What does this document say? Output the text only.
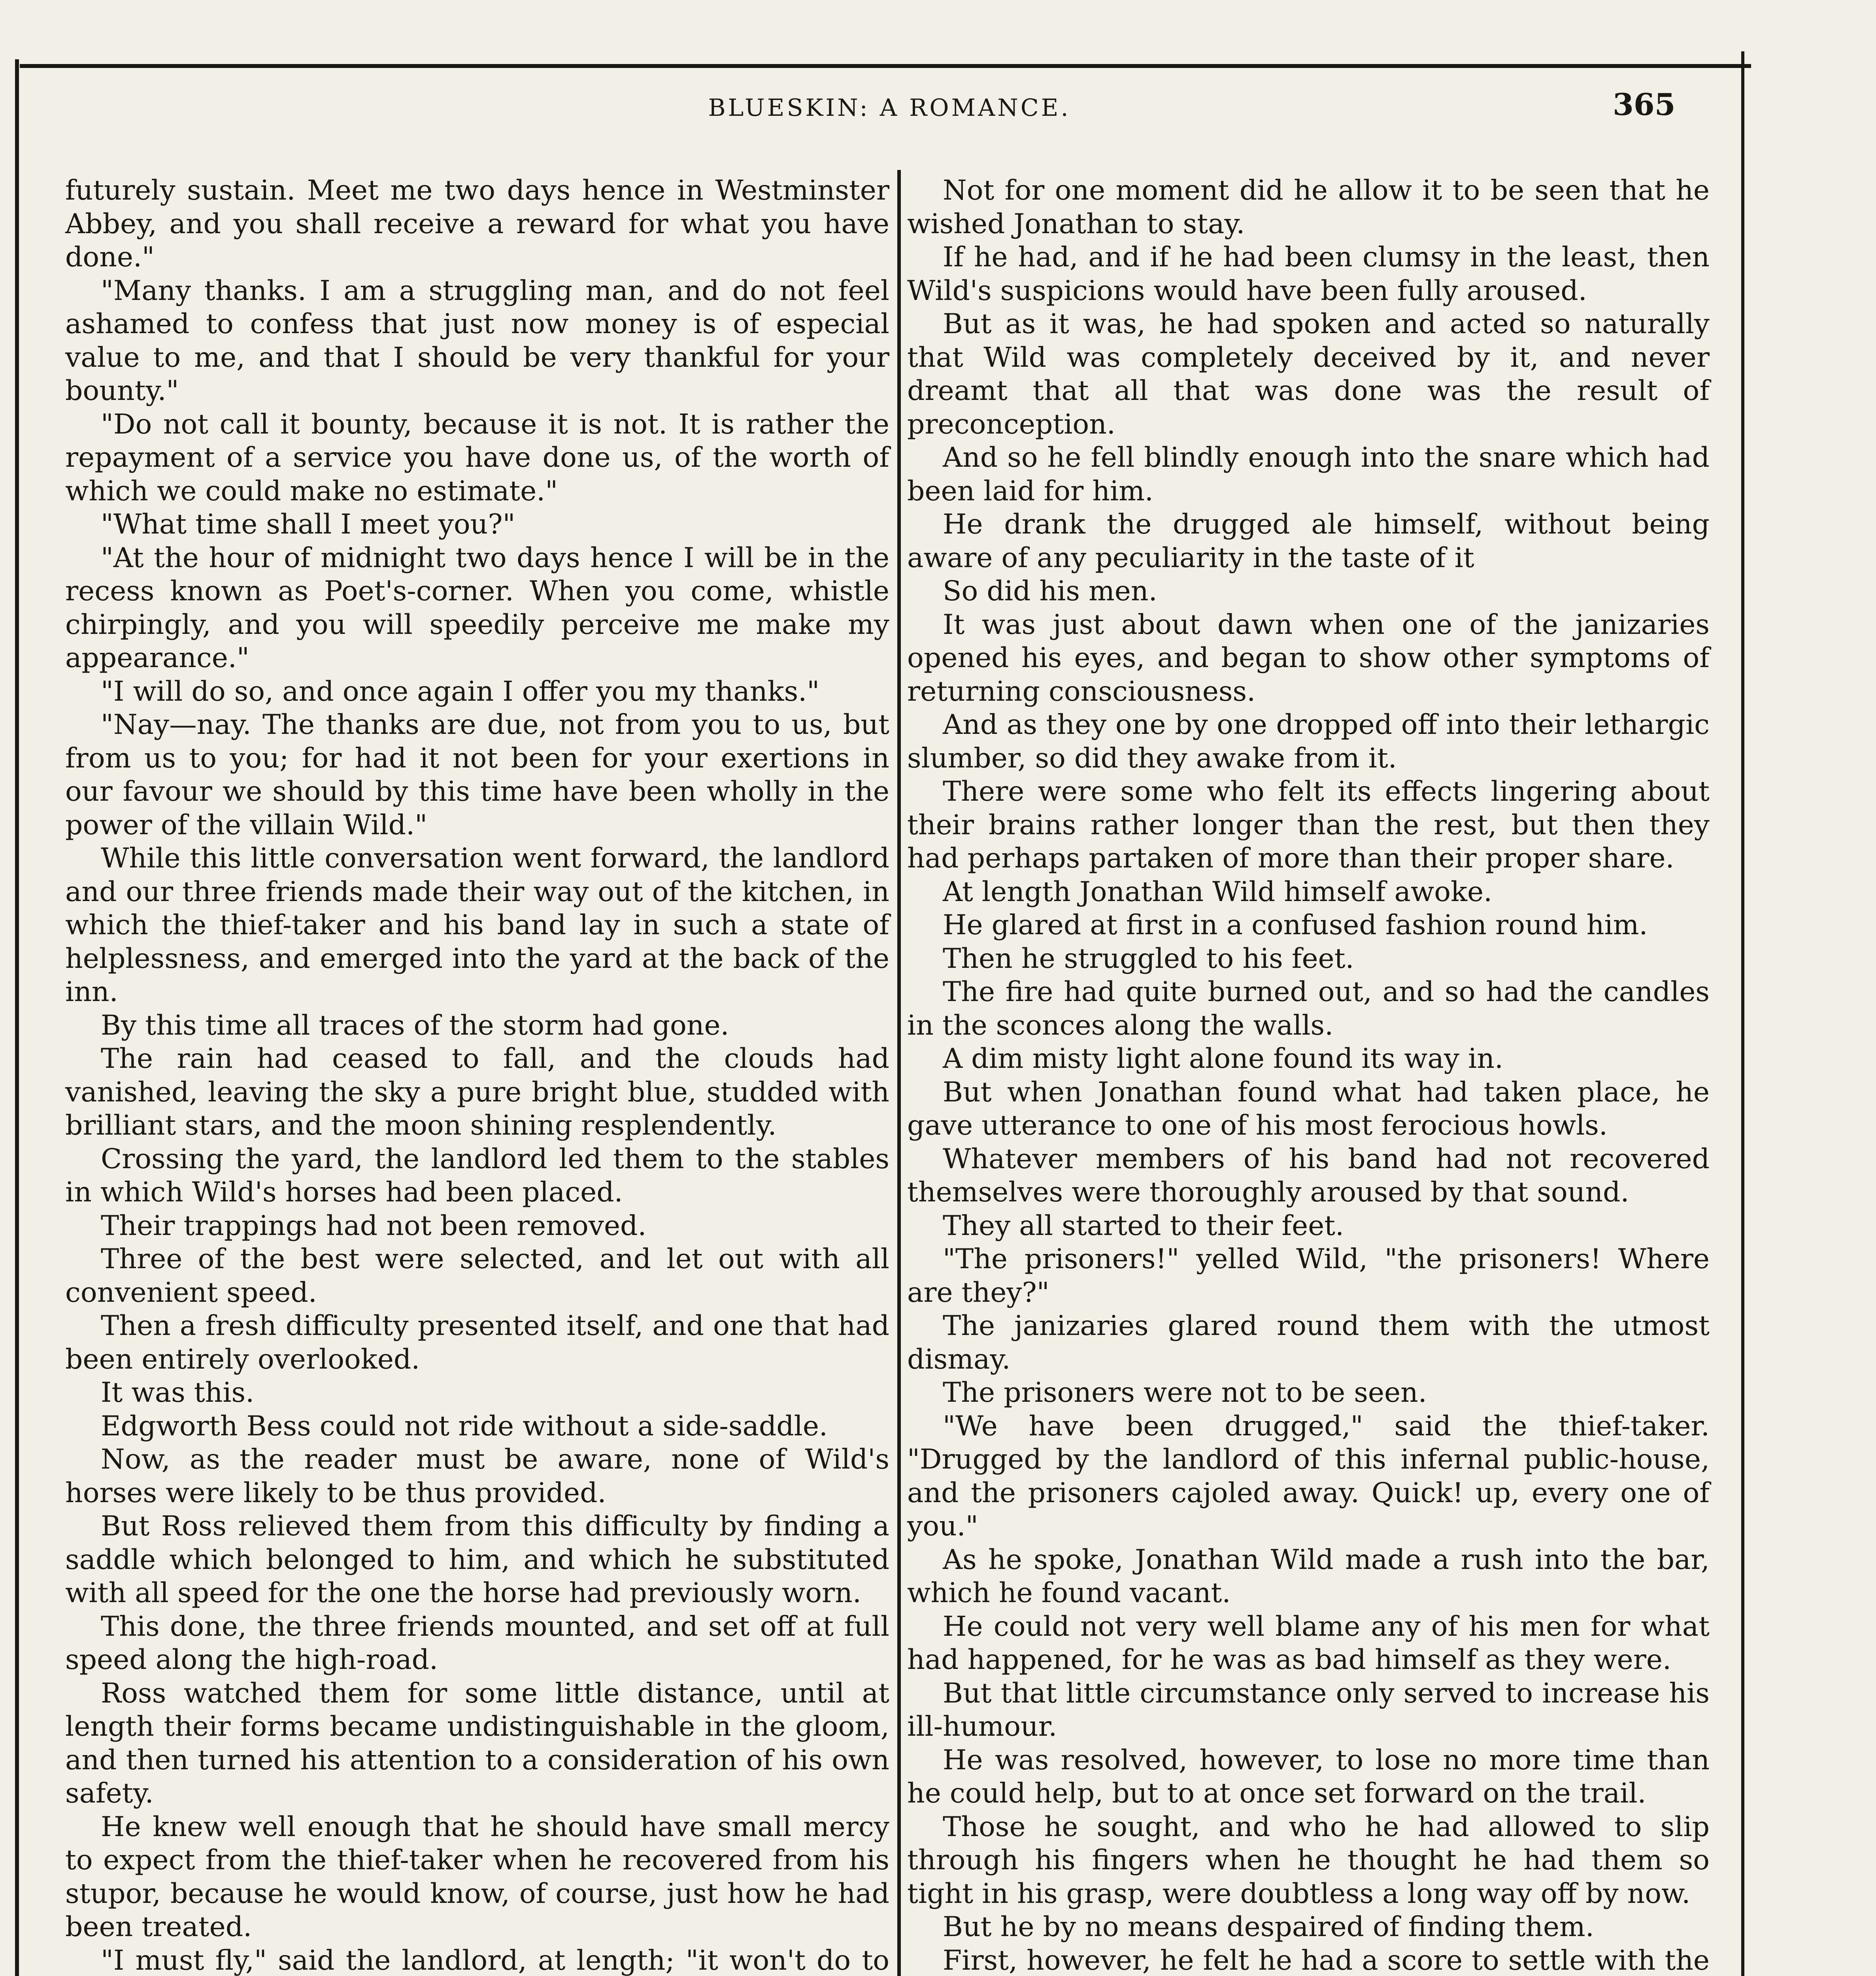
BLUESKIN: A ROMANCE.	365

futurely sustain. Meet me two days hence in Westminster Abbey, and you shall receive a reward for what you have done."

"Many thanks. I am a struggling man, and do not feel ashamed to confess that just now money is of especial value to me, and that I should be very thankful for your bounty."

"Do not call it bounty, because it is not. It is rather the repayment of a service you have done us, of the worth of which we could make no estimate."

"What time shall I meet you?"

"At the hour of midnight two days hence I will be in the recess known as Poet's-corner. When you come, whistle chirpingly, and you will speedily perceive me make my appearance."

"I will do so, and once again I offer you my thanks."

"Nay—nay. The thanks are due, not from you to us, but from us to you; for had it not been for your exertions in our favour we should by this time have been wholly in the power of the villain Wild."

While this little conversation went forward, the landlord and our three friends made their way out of the kitchen, in which the thief-taker and his band lay in such a state of helplessness, and emerged into the yard at the back of the inn.

By this time all traces of the storm had gone.

The rain had ceased to fall, and the clouds had vanished, leaving the sky a pure bright blue, studded with brilliant stars, and the moon shining resplendently.

Crossing the yard, the landlord led them to the stables in which Wild's horses had been placed.

Their trappings had not been removed.

Three of the best were selected, and let out with all convenient speed.

Then a fresh difficulty presented itself, and one that had been entirely overlooked.

It was this.

Edgworth Bess could not ride without a side-saddle.

Now, as the reader must be aware, none of Wild's horses were likely to be thus provided.

But Ross relieved them from this difficulty by finding a saddle which belonged to him, and which he substituted with all speed for the one the horse had previously worn.

This done, the three friends mounted, and set off at full speed along the high-road.

Ross watched them for some little distance, until at length their forms became undistinguishable in the gloom, and then turned his attention to a consideration of his own safety.

He knew well enough that he should have small mercy to expect from the thief-taker when he recovered from his stupor, because he would know, of course, just how he had been treated.

"I must fly," said the landlord, at length; "it won't do to

Not for one moment did he allow it to be seen that he wished Jonathan to stay.

If he had, and if he had been clumsy in the least, then Wild's suspicions would have been fully aroused.

But as it was, he had spoken and acted so naturally that Wild was completely deceived by it, and never dreamt that all that was done was the result of preconception.

And so he fell blindly enough into the snare which had been laid for him.

He drank the drugged ale himself, without being aware of any peculiarity in the taste of it

So did his men.

It was just about dawn when one of the janizaries opened his eyes, and began to show other symptoms of returning consciousness.

And as they one by one dropped off into their lethargic slumber, so did they awake from it.

There were some who felt its effects lingering about their brains rather longer than the rest, but then they had perhaps partaken of more than their proper share.

At length Jonathan Wild himself awoke.

He glared at first in a confused fashion round him.

Then he struggled to his feet.

The fire had quite burned out, and so had the candles in the sconces along the walls.

A dim misty light alone found its way in.

But when Jonathan found what had taken place, he gave utterance to one of his most ferocious howls.

Whatever members of his band had not recovered themselves were thoroughly aroused by that sound.

They all started to their feet.

"The prisoners!" yelled Wild, "the prisoners! Where are they?"

The janizaries glared round them with the utmost dismay.

The prisoners were not to be seen.

"We have been drugged," said the thief-taker. "Drugged by the landlord of this infernal public-house, and the prisoners cajoled away. Quick! up, every one of you."

As he spoke, Jonathan Wild made a rush into the bar, which he found vacant.

He could not very well blame any of his men for what had happened, for he was as bad himself as they were.

But that little circumstance only served to increase his ill-humour.

He was resolved, however, to lose no more time than he could help, but to at once set forward on the trail.

Those he sought, and who he had allowed to slip through his fingers when he thought he had them so tight in his grasp, were doubtless a long way off by now.

But he by no means despaired of finding them.

First, however, he felt he had a score to settle with the
